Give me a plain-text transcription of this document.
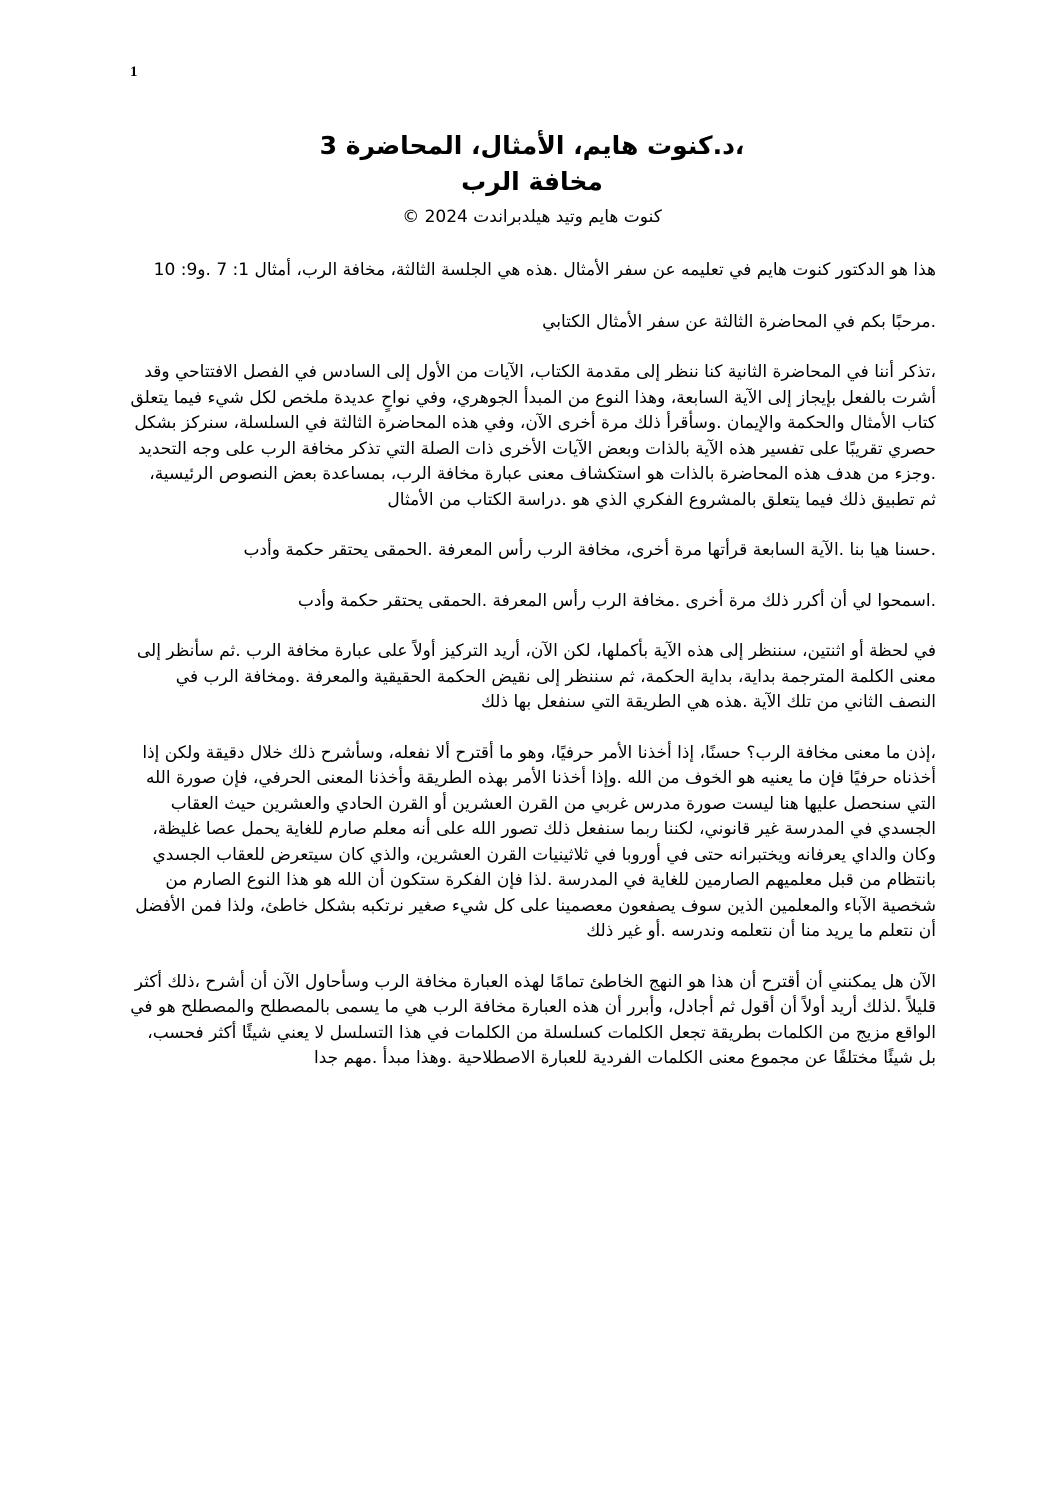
1

،د.كنوت هايم، الأمثال، المحاضرة 3

مخافة الرب

كنوت هايم وتيد هيلدبراندت 2024 ©

هذا هو الدكتور كنوت هايم في تعليمه عن سفر الأمثال .هذه هي الجلسة الثالثة، مخافة الرب، أمثال 1: 7 .و9: 10

.مرحبًا بكم في المحاضرة الثالثة عن سفر الأمثال الكتابي

،تذكر أننا في المحاضرة الثانية كنا ننظر إلى مقدمة الكتاب، الآيات من الأول إلى السادس في الفصل الافتتاحي وقد أشرت بالفعل بإيجاز إلى الآية السابعة، وهذا النوع من المبدأ الجوهري، وفي نواحٍ عديدة ملخص لكل شيء فيما يتعلق كتاب الأمثال والحكمة والإيمان .وسأقرأ ذلك مرة أخرى الآن، وفي هذه المحاضرة الثالثة في السلسلة، سنركز بشكل حصري تقريبًا على تفسير هذه الآية بالذات وبعض الآيات الأخرى ذات الصلة التي تذكر مخافة الرب على وجه التحديد .وجزء من هدف هذه المحاضرة بالذات هو استكشاف معنى عبارة مخافة الرب، بمساعدة بعض النصوص الرئيسية، ثم تطبيق ذلك فيما يتعلق بالمشروع الفكري الذي هو .دراسة الكتاب من الأمثال

.حسنا هيا بنا .الآية السابعة قرأتها مرة أخرى، مخافة الرب رأس المعرفة .الحمقى يحتقر حكمة وأدب

.اسمحوا لي أن أكرر ذلك مرة أخرى .مخافة الرب رأس المعرفة .الحمقى يحتقر حكمة وأدب

في لحظة أو اثنتين، سننظر إلى هذه الآية بأكملها، لكن الآن، أريد التركيز أولاً على عبارة مخافة الرب .ثم سأنظر إلى معنى الكلمة المترجمة بداية، بداية الحكمة، ثم سننظر إلى نقيض الحكمة الحقيقية والمعرفة .ومخافة الرب في النصف الثاني من تلك الآية .هذه هي الطريقة التي سنفعل بها ذلك

،إذن ما معنى مخافة الرب؟ حسنًا، إذا أخذنا الأمر حرفيًا، وهو ما أقترح ألا نفعله، وسأشرح ذلك خلال دقيقة ولكن إذا أخذناه حرفيًا فإن ما يعنيه هو الخوف من الله .وإذا أخذنا الأمر بهذه الطريقة وأخذنا المعنى الحرفي، فإن صورة الله التي سنحصل عليها هنا ليست صورة مدرس غربي من القرن العشرين أو القرن الحادي والعشرين حيث العقاب الجسدي في المدرسة غير قانوني، لكننا ربما سنفعل ذلك تصور الله على أنه معلم صارم للغاية يحمل عصا غليظة، وكان والداي يعرفانه ويختبرانه حتى في أوروبا في ثلاثينيات القرن العشرين، والذي كان سيتعرض للعقاب الجسدي بانتظام من قبل معلميهم الصارمين للغاية في المدرسة .لذا فإن الفكرة ستكون أن الله هو هذا النوع الصارم من شخصية الآباء والمعلمين الذين سوف يصفعون معصمينا على كل شيء صغير نرتكبه بشكل خاطئ، ولذا فمن الأفضل أن نتعلم ما يريد منا أن نتعلمه وندرسه .أو غير ذلك

الآن هل يمكنني أن أقترح أن هذا هو النهج الخاطئ تمامًا لهذه العبارة مخافة الرب وسأحاول الآن أن أشرح ،ذلك أكثر قليلاً .لذلك أريد أولاً أن أقول ثم أجادل، وأبرر أن هذه العبارة مخافة الرب هي ما يسمى بالمصطلح والمصطلح هو في الواقع مزيج من الكلمات بطريقة تجعل الكلمات كسلسلة من الكلمات في هذا التسلسل لا يعني شيئًا أكثر فحسب، بل شيئًا مختلفًا عن مجموع معنى الكلمات الفردية للعبارة الاصطلاحية .وهذا مبدأ .مهم جدا
